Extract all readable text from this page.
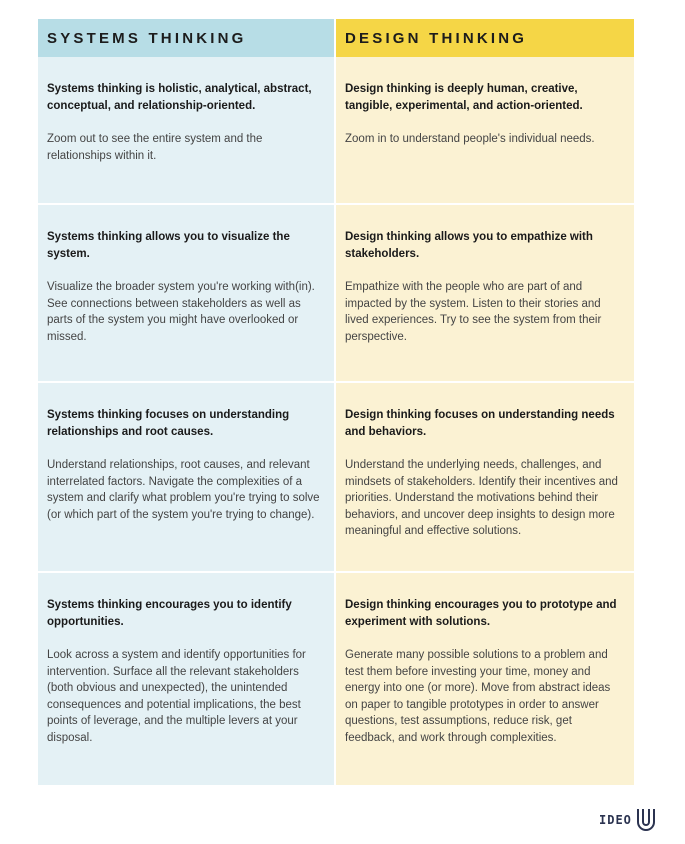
SYSTEMS THINKING	DESIGN THINKING

Systems thinking is holistic, analytical, abstract, conceptual, and relationship-oriented.

Zoom out to see the entire system and the relationships within it.

Design thinking is deeply human, creative, tangible, experimental, and action-oriented.

Zoom in to understand people's individual needs.

Systems thinking allows you to visualize the system.

Visualize the broader system you're working with(in). See connections between stakeholders as well as parts of the system you might have overlooked or missed.

Design thinking allows you to empathize with stakeholders.

Empathize with the people who are part of and impacted by the system. Listen to their stories and lived experiences. Try to see the system from their perspective.

Systems thinking focuses on understanding relationships and root causes.

Understand relationships, root causes, and relevant interrelated factors. Navigate the complexities of a system and clarify what problem you're trying to solve (or which part of the system you're trying to change).

Design thinking focuses on understanding needs and behaviors.

Understand the underlying needs, challenges, and mindsets of stakeholders. Identify their incentives and priorities. Understand the motivations behind their behaviors, and uncover deep insights to design more meaningful and effective solutions.

Systems thinking encourages you to identify opportunities.

Look across a system and identify opportunities for intervention. Surface all the relevant stakeholders (both obvious and unexpected), the unintended consequences and potential implications, the best points of leverage, and the multiple levers at your disposal.

Design thinking encourages you to prototype and experiment with solutions.

Generate many possible solutions to a problem and test them before investing your time, money and energy into one (or more). Move from abstract ideas on paper to tangible prototypes in order to answer questions, test assumptions, reduce risk, get feedback, and work through complexities.

IDEO
